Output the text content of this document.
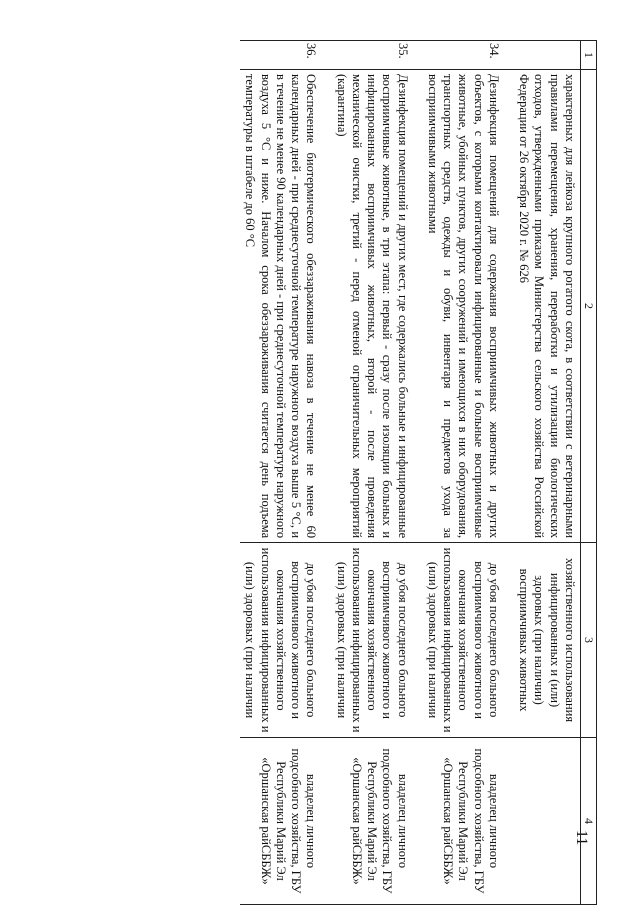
11
1	2	3	4
	характерных для лейкоза крупного рогатого скота, в соответствии с ветеринарными правилами перемещения, хранения, переработки и утилизации биологических отходов, утвержденными приказом Министерства сельского хозяйства Российской Федерации от 26 октября 2020 г. № 626	хозяйственного использования инфицированных и (или) здоровых (при наличии) восприимчивых животных	

34.	Дезинфекция помещений для содержания восприимчивых животных и других объектов, с которыми контактировали инфицированные и больные восприимчивые животные, убойных пунктов, других сооружений и имеющихся в них оборудования, транспортных средств, одежды и обуви, инвентаря и предметов ухода за восприимчивыми животными	до убоя последнего больного восприимчивого животного и окончания хозяйственного использования инфицированных и (или) здоровых (при наличии	владелец личного подсобного хозяйства, ГБУ Республики Марий Эл «Оршанская райСББЖ»

35.	Дезинфекция помещений и других мест, где содержались больные и инфицированные восприимчивые животные, в три этапа: первый - сразу после изоляции больных и инфицированных восприимчивых животных, второй - после проведения механической очистки, третий - перед отменой ограничительных мероприятий (карантина)	до убоя последнего больного восприимчивого животного и окончания хозяйственного использования инфицированных и (или) здоровых (при наличии	владелец личного подсобного хозяйства, ГБУ Республики Марий Эл «Оршанская райСББЖ»

36.	Обеспечение биотермического обеззараживания навоза в течение не менее 60 календарных дней - при среднесуточной температуре наружного воздуха выше 5 °С, и в течение не менее 90 календарных дней - при среднесуточной температуре наружного воздуха 5 °С и ниже. Началом срока обеззараживания считается день подъема температуры в штабеле до 60 °С	до убоя последнего больного восприимчивого животного и окончания хозяйственного использования инфицированных и (или) здоровых (при наличии	владелец личного подсобного хозяйства, ГБУ Республики Марий Эл «Оршанская райСББЖ»
